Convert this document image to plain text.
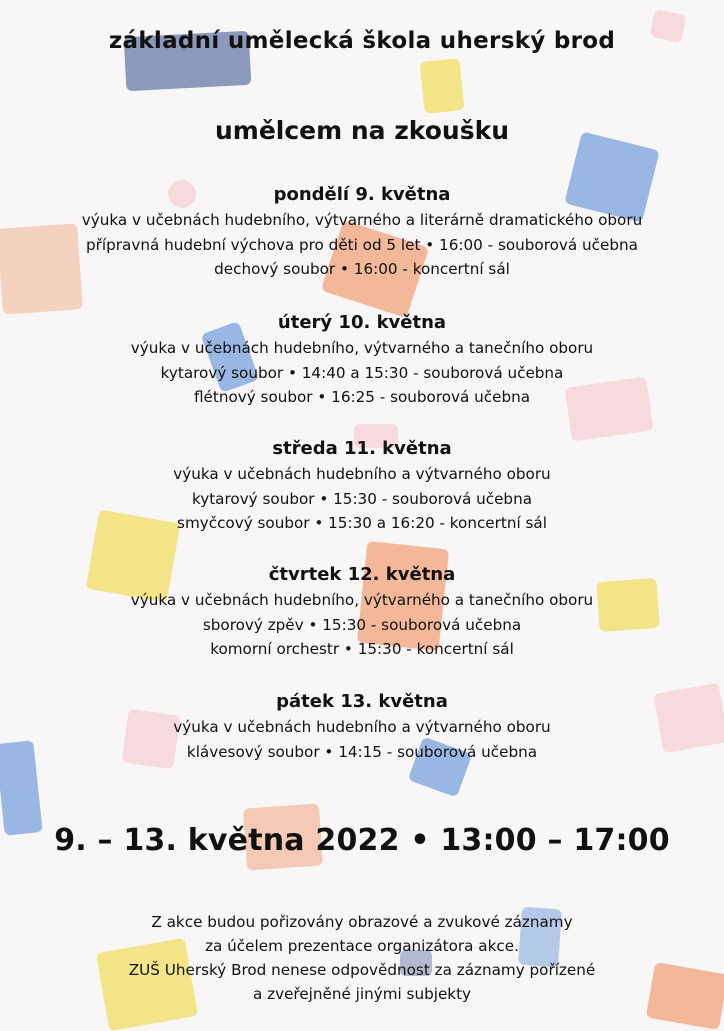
základní umělecká škola uherský brod
umělcem na zkoušku
pondělí 9. května
výuka v učebnách hudebního, výtvarného a literárně dramatického oboru
přípravná hudební výchova pro děti od 5 let • 16:00 - souborová učebna
dechový soubor • 16:00 - koncertní sál
úterý 10. května
výuka v učebnách hudebního, výtvarného a tanečního oboru
kytarový soubor • 14:40 a 15:30 - souborová učebna
flétnový soubor • 16:25 - souborová učebna
středa 11. května
výuka v učebnách hudebního a výtvarného oboru
kytarový soubor • 15:30 - souborová učebna
smyčcový soubor • 15:30 a 16:20 - koncertní sál
čtvrtek 12. května
výuka v učebnách hudebního, výtvarného a tanečního oboru
sborový zpěv • 15:30 - souborová učebna
komorní orchestr • 15:30 - koncertní sál
pátek 13. května
výuka v učebnách hudebního a výtvarného oboru
klávesový soubor • 14:15 - souborová učebna
9. – 13. května 2022 • 13:00 – 17:00
Z akce budou pořizovány obrazové a zvukové záznamy
za účelem prezentace organizátora akce.
ZUŠ Uherský Brod nenese odpovědnost za záznamy pořízené
a zveřejněné jinými subjekty
